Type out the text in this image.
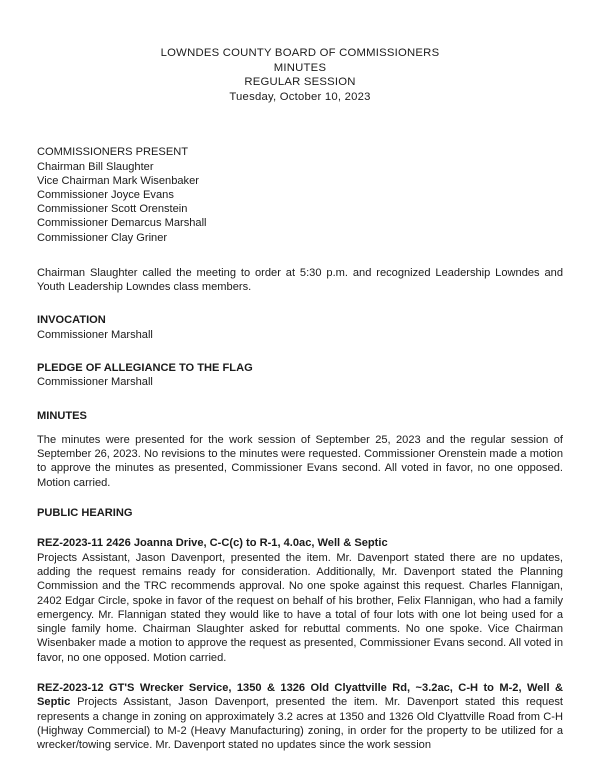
LOWNDES COUNTY BOARD OF COMMISSIONERS
MINUTES
REGULAR SESSION
Tuesday, October 10, 2023
COMMISSIONERS PRESENT
Chairman Bill Slaughter
Vice Chairman Mark Wisenbaker
Commissioner Joyce Evans
Commissioner Scott Orenstein
Commissioner Demarcus Marshall
Commissioner Clay Griner
Chairman Slaughter called the meeting to order at 5:30 p.m. and recognized Leadership Lowndes and Youth Leadership Lowndes class members.
INVOCATION
Commissioner Marshall
PLEDGE OF ALLEGIANCE TO THE FLAG
Commissioner Marshall
MINUTES
The minutes were presented for the work session of September 25, 2023 and the regular session of September 26, 2023. No revisions to the minutes were requested. Commissioner Orenstein made a motion to approve the minutes as presented, Commissioner Evans second. All voted in favor, no one opposed. Motion carried.
PUBLIC HEARING
REZ-2023-11 2426 Joanna Drive, C-C(c) to R-1, 4.0ac, Well & Septic
Projects Assistant, Jason Davenport, presented the item. Mr. Davenport stated there are no updates, adding the request remains ready for consideration. Additionally, Mr. Davenport stated the Planning Commission and the TRC recommends approval. No one spoke against this request. Charles Flannigan, 2402 Edgar Circle, spoke in favor of the request on behalf of his brother, Felix Flannigan, who had a family emergency. Mr. Flannigan stated they would like to have a total of four lots with one lot being used for a single family home. Chairman Slaughter asked for rebuttal comments. No one spoke. Vice Chairman Wisenbaker made a motion to approve the request as presented, Commissioner Evans second. All voted in favor, no one opposed. Motion carried.
REZ-2023-12 GT'S Wrecker Service, 1350 & 1326 Old Clyattville Rd, ~3.2ac, C-H to M-2, Well & Septic Projects Assistant, Jason Davenport, presented the item. Mr. Davenport stated this request represents a change in zoning on approximately 3.2 acres at 1350 and 1326 Old Clyattville Road from C-H (Highway Commercial) to M-2 (Heavy Manufacturing) zoning, in order for the property to be utilized for a wrecker/towing service. Mr. Davenport stated no updates since the work session
